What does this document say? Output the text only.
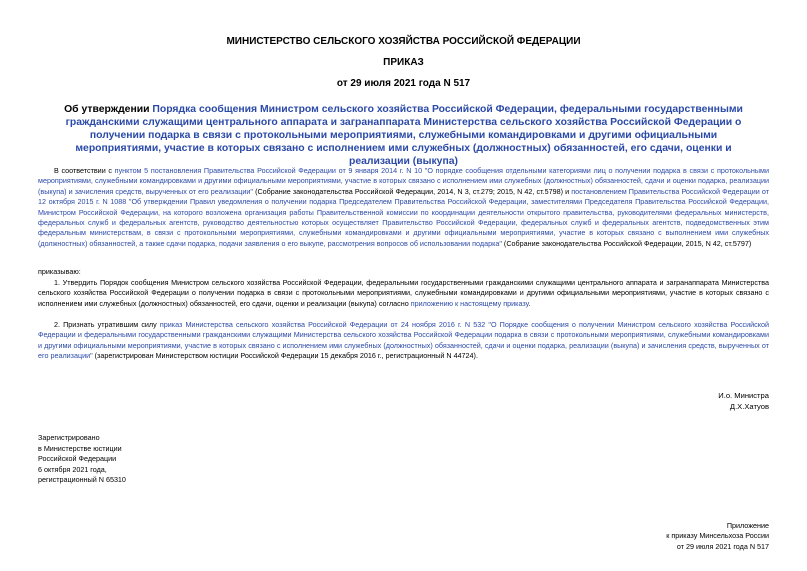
МИНИСТЕРСТВО СЕЛЬСКОГО ХОЗЯЙСТВА РОССИЙСКОЙ ФЕДЕРАЦИИ
ПРИКАЗ
от 29 июля 2021 года N 517
Об утверждении Порядка сообщения Министром сельского хозяйства Российской Федерации, федеральными государственными гражданскими служащими центрального аппарата и загранаппарата Министерства сельского хозяйства Российской Федерации о получении подарка в связи с протокольными мероприятиями, служебными командировками и другими официальными мероприятиями, участие в которых связано с исполнением ими служебных (должностных) обязанностей, его сдачи, оценки и реализации (выкупа)
В соответствии с пунктом 5 постановления Правительства Российской Федерации от 9 января 2014 г. N 10 "О порядке сообщения отдельными категориями лиц о получении подарка в связи с протокольными мероприятиями, служебными командировками и другими официальными мероприятиями, участие в которых связано с исполнением ими служебных (должностных) обязанностей, сдачи и оценки подарка, реализации (выкупа) и зачисления средств, вырученных от его реализации" (Собрание законодательства Российской Федерации, 2014, N 3, ст.279; 2015, N 42, ст.5798) и постановлением Правительства Российской Федерации от 12 октября 2015 г. N 1088 "Об утверждении Правил уведомления о получении подарка Председателем Правительства Российской Федерации, заместителями Председателя Правительства Российской Федерации, Министром Российской Федерации, на которого возложена организация работы Правительственной комиссии по координации деятельности открытого правительства, руководителями федеральных министерств, федеральных служб и федеральных агентств, руководство деятельностью которых осуществляет Правительство Российской Федерации, федеральных служб и федеральных агентств, подведомственных этим федеральным министерствам, в связи с протокольными мероприятиями, служебными командировками и другими официальными мероприятиями, участие в которых связано с выполнением ими служебных (должностных) обязанностей, а также сдачи подарка, подачи заявления о его выкупе, рассмотрения вопросов об использовании подарка" (Собрание законодательства Российской Федерации, 2015, N 42, ст.5797)
приказываю:
1. Утвердить Порядок сообщения Министром сельского хозяйства Российской Федерации, федеральными государственными гражданскими служащими центрального аппарата и загранаппарата Министерства сельского хозяйства Российской Федерации о получении подарка в связи с протокольными мероприятиями, служебными командировками и другими официальными мероприятиями, участие в которых связано с исполнением ими служебных (должностных) обязанностей, его сдачи, оценки и реализации (выкупа) согласно приложению к настоящему приказу.
2. Признать утратившим силу приказ Министерства сельского хозяйства Российской Федерации от 24 ноября 2016 г. N 532 "О Порядке сообщения о получении Министром сельского хозяйства Российской Федерации и федеральными государственными гражданскими служащими Министерства сельского хозяйства Российской Федерации подарка в связи с протокольными мероприятиями, служебными командировками и другими официальными мероприятиями, участие в которых связано с исполнением ими служебных (должностных) обязанностей, сдачи и оценки подарка, реализации (выкупа) и зачисления средств, вырученных от его реализации" (зарегистрирован Министерством юстиции Российской Федерации 15 декабря 2016 г., регистрационный N 44724).
И.о. Министра
Д.Х.Хатуов
Зарегистрировано
в Министерстве юстиции
Российской Федерации
6 октября 2021 года,
регистрационный N 65310
Приложение
к приказу Минсельхоза России
от 29 июля 2021 года N 517
